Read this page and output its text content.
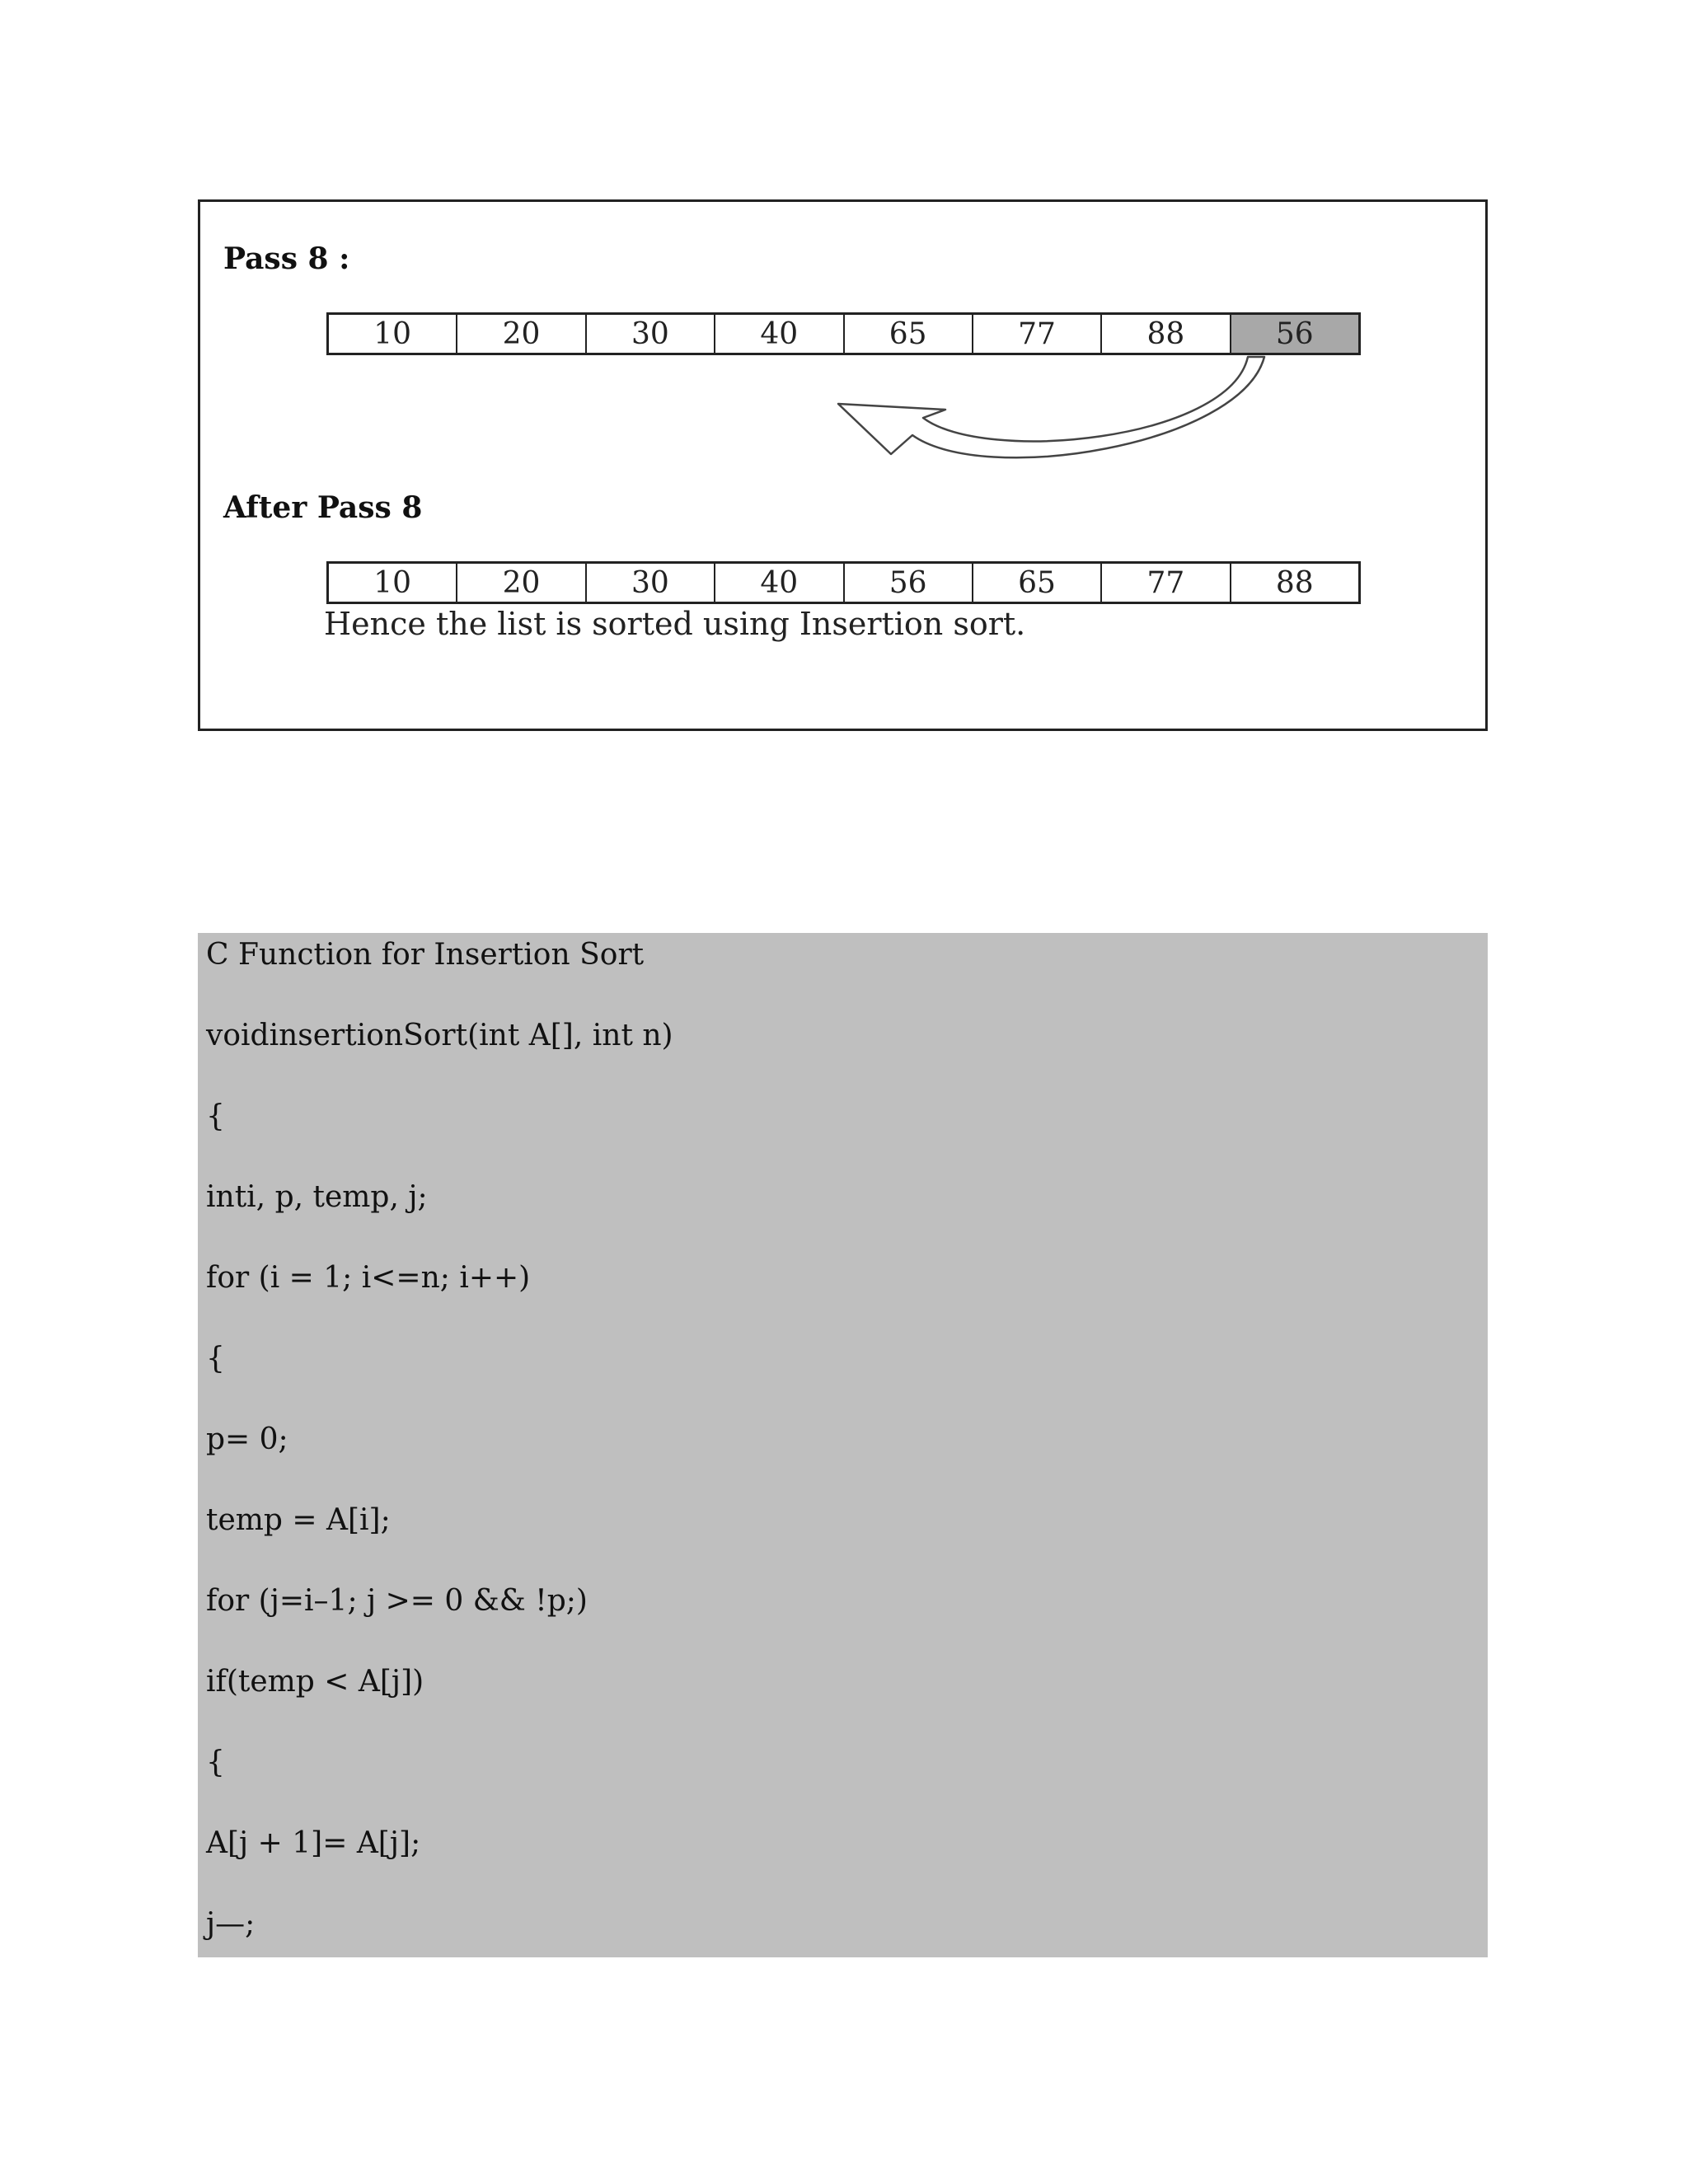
Pass 8 :
10	20	30	40	65	77	88	56
After Pass 8
10	20	30	40	56	65	77	88
Hence the list is sorted using Insertion sort.
C Function for Insertion Sort
voidinsertionSort(int A[], int n)
{
inti, p, temp, j;
for (i = 1; i<=n; i++)
{
p= 0;
temp = A[i];
for (j=i–1; j >= 0 && !p;)
if(temp < A[j])
{
A[j + 1]= A[j];
j—;
